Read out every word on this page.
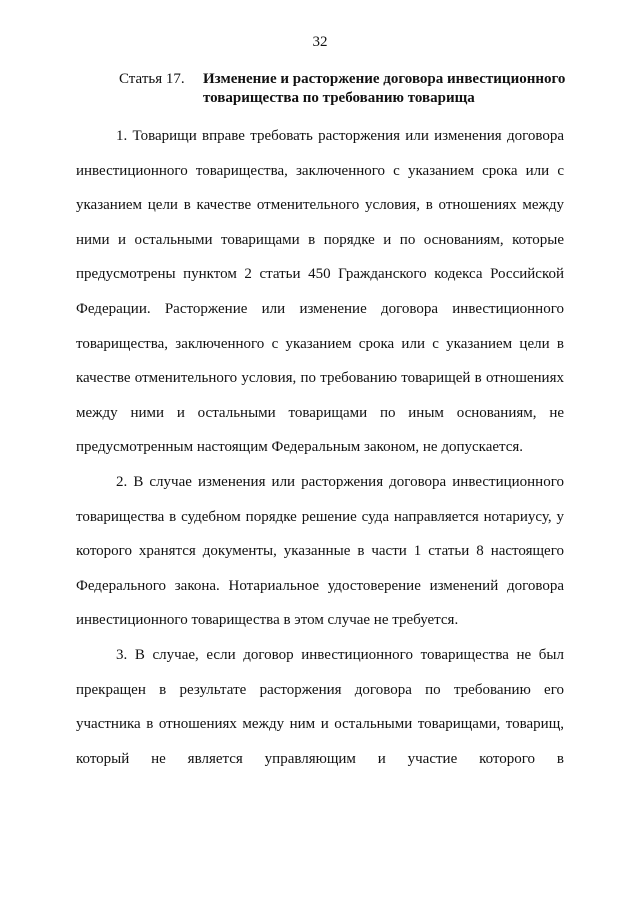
32
Статья 17. Изменение и расторжение договора инвестиционного
товарищества по требованию товарища

1. Товарищи вправе требовать расторжения или изменения договора инвестиционного товарищества, заключенного с указанием срока или с указанием цели в качестве отменительного условия, в отношениях между ними и остальными товарищами в порядке и по основаниям, которые предусмотрены пунктом 2 статьи 450 Гражданского кодекса Российской Федерации. Расторжение или изменение договора инвестиционного товарищества, заключенного с указанием срока или с указанием цели в качестве отменительного условия, по требованию товарищей в отношениях между ними и остальными товарищами по иным основаниям, не предусмотренным настоящим Федеральным законом, не допускается.

2. В случае изменения или расторжения договора инвестиционного товарищества в судебном порядке решение суда направляется нотариусу, у которого хранятся документы, указанные в части 1 статьи 8 настоящего Федерального закона. Нотариальное удостоверение изменений договора инвестиционного товарищества в этом случае не требуется.

3. В случае, если договор инвестиционного товарищества не был прекращен в результате расторжения договора по требованию его участника в отношениях между ним и остальными товарищами, товарищ, который не является управляющим и участие которого в
